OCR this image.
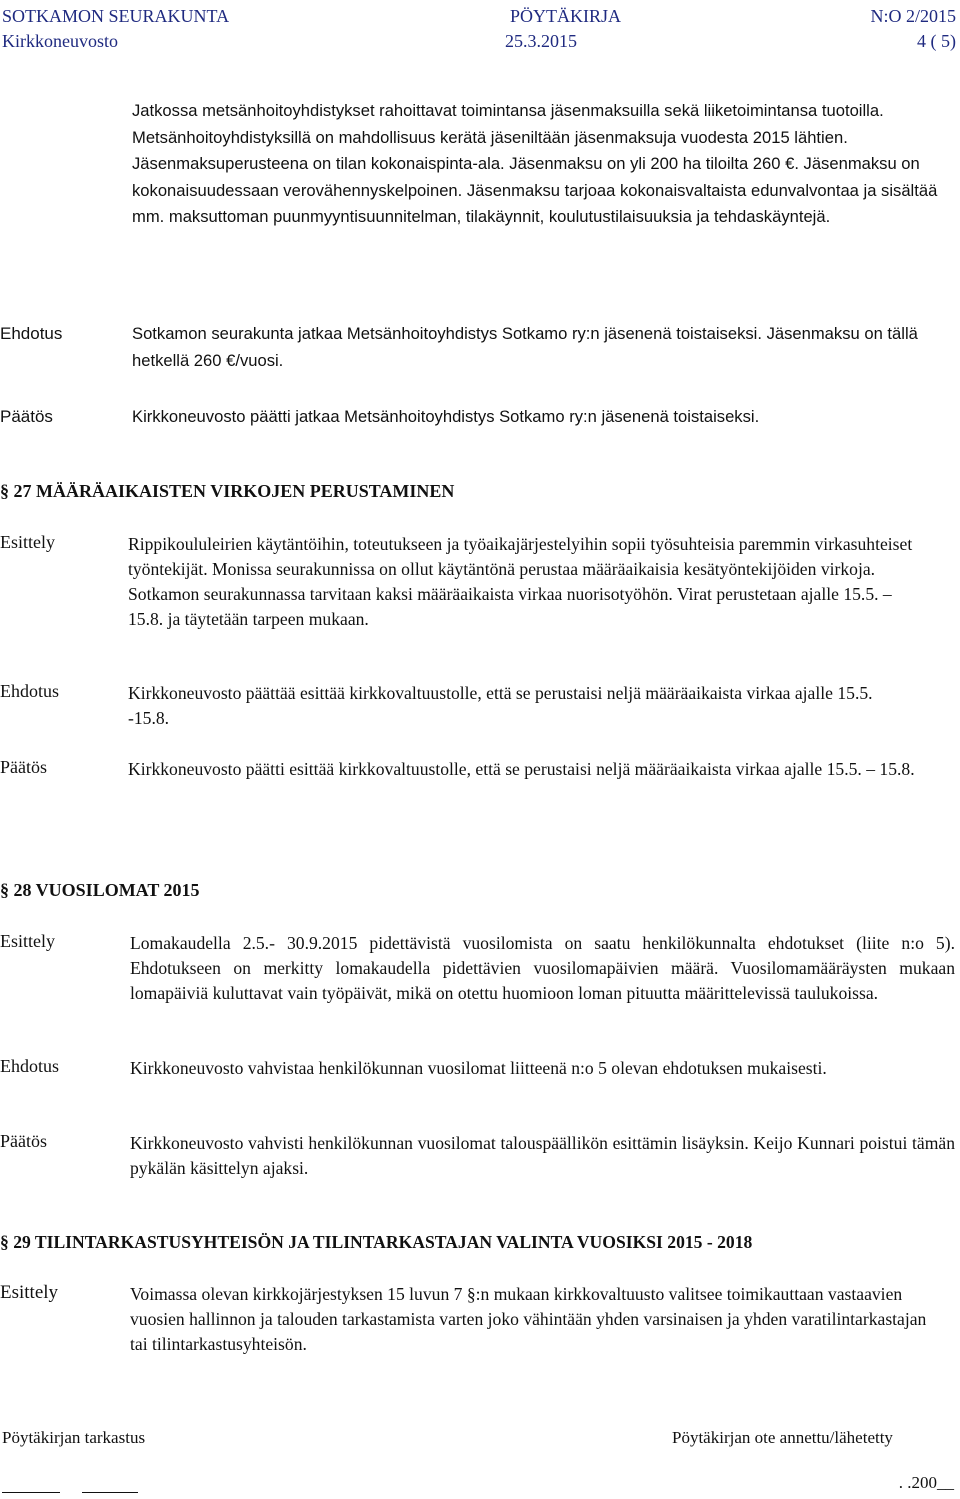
SOTKAMON SEURAKUNTA	PÖYTÄKIRJA	N:O 2/2015
Kirkkoneuvosto	25.3.2015	4 ( 5)

Jatkossa metsänhoitoyhdistykset rahoittavat toimintansa jäsenmaksuilla sekä liiketoimintansa tuotoilla. Metsänhoitoyhdistyksillä on mahdollisuus kerätä jäseniltään jäsenmaksuja vuodesta 2015 lähtien. Jäsenmaksuperusteena on tilan kokonaispinta-ala. Jäsenmaksu on yli 200 ha tiloilta 260 €. Jäsenmaksu on kokonaisuudessaan verovähennyskelpoinen. Jäsenmaksu tarjoaa kokonaisvaltaista edunvalvontaa ja sisältää mm. maksuttoman puunmyyntisuunnitelman, tilakäynnit, koulutustilaisuuksia ja tehdaskäyntejä.

Ehdotus	Sotkamon seurakunta jatkaa Metsänhoitoyhdistys Sotkamo ry:n jäsenenä toistaiseksi. Jäsenmaksu on tällä hetkellä 260 €/vuosi.

Päätös	Kirkkoneuvosto päätti jatkaa Metsänhoitoyhdistys Sotkamo ry:n jäsenenä toistaiseksi.

§ 27 MÄÄRÄAIKAISTEN VIRKOJEN PERUSTAMINEN
Esittely	Rippikoululeirien käytäntöihin, toteutukseen ja työaikajärjestelyihin sopii työsuhteisia paremmin virkasuhteiset työntekijät. Monissa seurakunnissa on ollut käytäntönä perustaa määräaikaisia kesätyöntekijöiden virkoja. Sotkamon seurakunnassa tarvitaan kaksi määräaikaista virkaa nuorisotyöhön. Virat perustetaan ajalle 15.5. – 15.8. ja täytetään tarpeen mukaan.

Ehdotus	Kirkkoneuvosto päättää esittää kirkkovaltuustolle, että se perustaisi neljä määräaikaista virkaa ajalle 15.5. -15.8.

Päätös	Kirkkoneuvosto päätti esittää kirkkovaltuustolle, että se perustaisi neljä määräaikaista virkaa ajalle 15.5. – 15.8.

§ 28 VUOSILOMAT 2015
Esittely	Lomakaudella 2.5.- 30.9.2015 pidettävistä vuosilomista on saatu henkilökunnalta ehdotukset (liite n:o 5). Ehdotukseen on merkitty lomakaudella pidettävien vuosilomapäivien määrä. Vuosilomamääräysten mukaan lomapäiviä kuluttavat vain työpäivät, mikä on otettu huomioon loman pituutta määrittelevissä taulukoissa.

Ehdotus	Kirkkoneuvosto vahvistaa henkilökunnan vuosilomat liitteenä n:o 5 olevan ehdotuksen mukaisesti.

Päätös	Kirkkoneuvosto vahvisti henkilökunnan vuosilomat talouspäällikön esittämin lisäyksin. Keijo Kunnari poistui tämän pykälän käsittelyn ajaksi.

§ 29 TILINTARKASTUSYHTEISÖN JA TILINTARKASTAJAN VALINTA VUOSIKSI 2015 - 2018
Esittely	Voimassa olevan kirkkojärjestyksen 15 luvun 7 §:n mukaan kirkkovaltuusto valitsee toimikauttaan vastaavien vuosien hallinnon ja talouden tarkastamista varten joko vähintään yhden varsinaisen ja yhden varatilintarkastajan tai tilintarkastusyhteisön.

Pöytäkirjan tarkastus	Pöytäkirjan ote annettu/lähetetty
. .200__
